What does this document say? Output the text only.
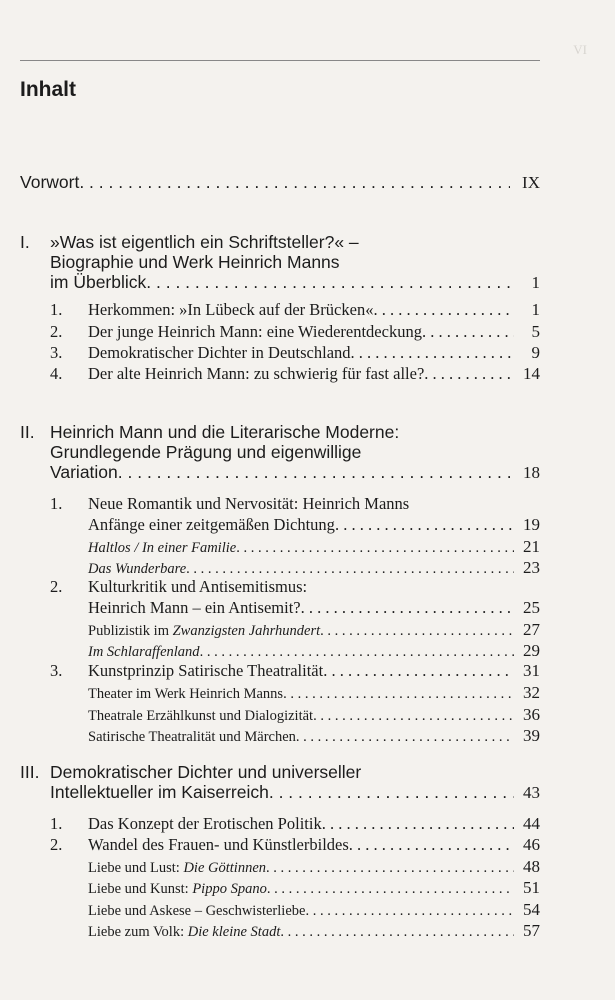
VI
Inhalt
Vorwort . . .	IX
I. »Was ist eigentlich ein Schriftsteller?« –
Biographie und Werk Heinrich Manns
im Überblick . . .	1
1. Herkommen: »In Lübeck auf der Brücken« . . .	1
2. Der junge Heinrich Mann: eine Wiederentdeckung . . .	5
3. Demokratischer Dichter in Deutschland . . .	9
4. Der alte Heinrich Mann: zu schwierig für fast alle? . . .	14
II. Heinrich Mann und die Literarische Moderne:
Grundlegende Prägung und eigenwillige
Variation . . .	18
1. Neue Romantik und Nervosität: Heinrich Manns
Anfänge einer zeitgemäßen Dichtung . . .	19
Haltlos / In einer Familie . . .	21
Das Wunderbare . . .	23
2. Kulturkritik und Antisemitismus:
Heinrich Mann – ein Antisemit? . . .	25
Publizistik im Zwanzigsten Jahrhundert . . .	27
Im Schlaraffenland . . .	29
3. Kunstprinzip Satirische Theatralität . . .	31
Theater im Werk Heinrich Manns . . .	32
Theatrale Erzählkunst und Dialogizität . . .	36
Satirische Theatralität und Märchen . . .	39
III. Demokratischer Dichter und universeller
Intellektueller im Kaiserreich . . .	43
1. Das Konzept der Erotischen Politik . . .	44
2. Wandel des Frauen- und Künstlerbildes . . .	46
Liebe und Lust: Die Göttinnen . . .	48
Liebe und Kunst: Pippo Spano . . .	51
Liebe und Askese – Geschwisterliebe . . .	54
Liebe zum Volk: Die kleine Stadt . . .	57
